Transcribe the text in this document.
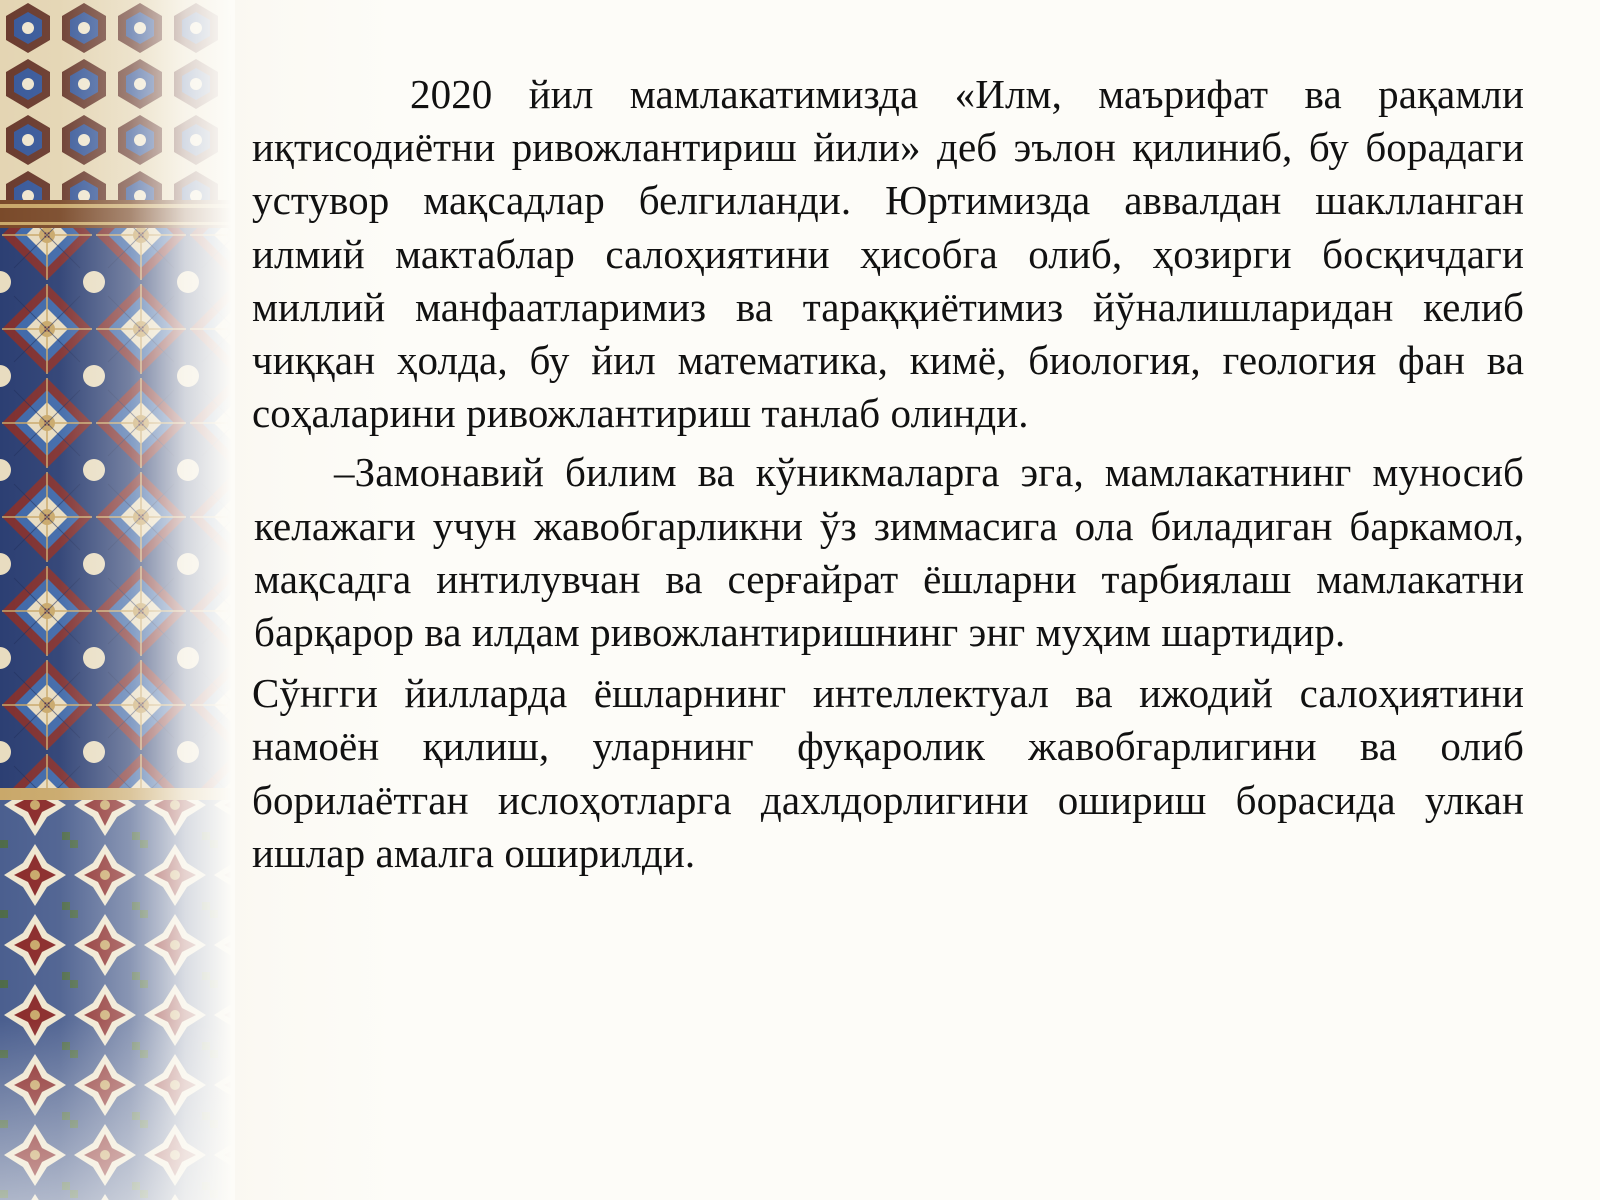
2020 йил мамлакатимизда «Илм, маърифат ва рақамли иқтисодиётни ривожлантириш йили» деб эълон қилиниб, бу борадаги устувор мақсадлар белгиланди. Юртимизда аввалдан шаклланган илмий мактаблар салоҳиятини ҳисобга олиб, ҳозирги босқичдаги миллий манфаатларимиз ва тараққиётимиз йўналишларидан келиб чиққан ҳолда, бу йил математика, кимё, биология, геология фан ва соҳаларини ривожлантириш танлаб олинди.

–Замонавий билим ва кўникмаларга эга, мамлакатнинг муносиб келажаги учун жавобгарликни ўз зиммасига ола биладиган баркамол, мақсадга интилувчан ва серғайрат ёшларни тарбиялаш мамлакатни барқарор ва илдам ривожлантиришнинг энг муҳим шартидир.

Сўнгги йилларда ёшларнинг интеллектуал ва ижодий салоҳиятини намоён қилиш, уларнинг фуқаролик жавобгарлигини ва олиб борилаётган ислоҳотларга дахлдорлигини ошириш борасида улкан ишлар амалга оширилди.
